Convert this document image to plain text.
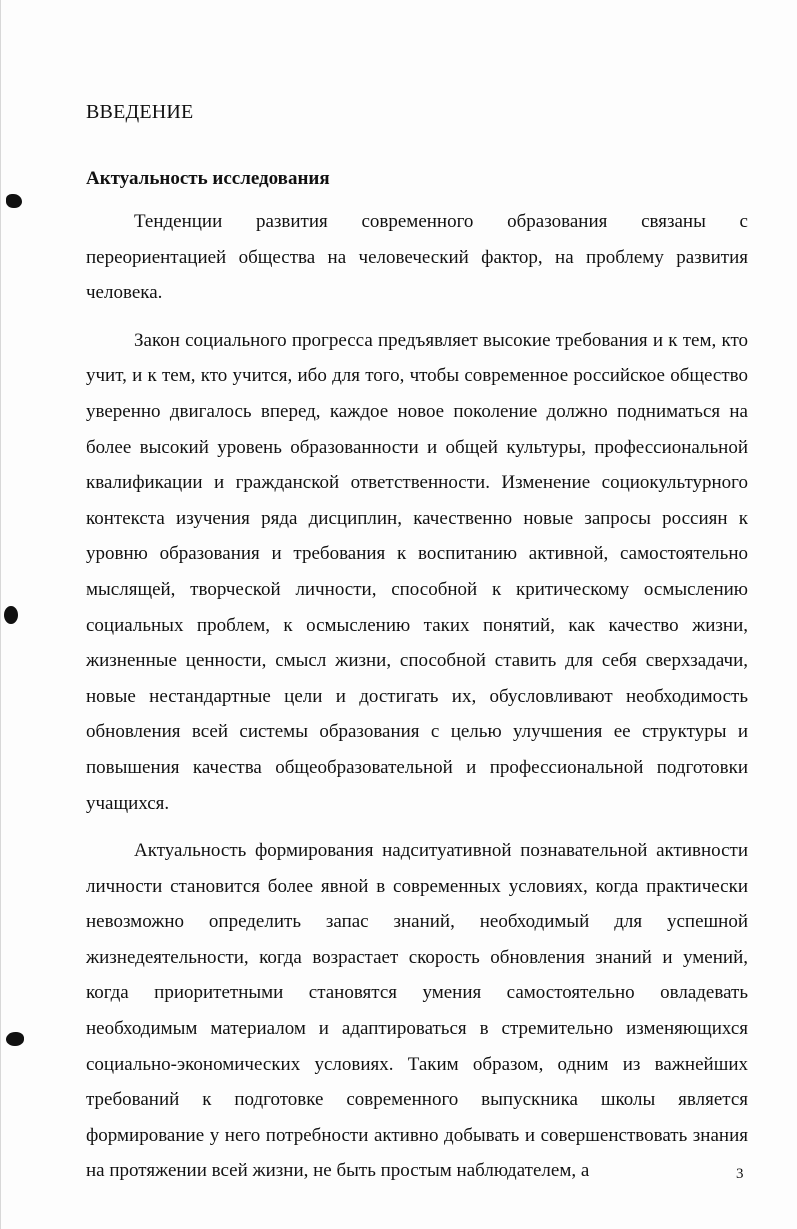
ВВЕДЕНИЕ
Актуальность исследования

Тенденции развития современного образования связаны с переориентацией общества на человеческий фактор, на проблему развития человека.

Закон социального прогресса предъявляет высокие требования и к тем, кто учит, и к тем, кто учится, ибо для того, чтобы современное российское общество уверенно двигалось вперед, каждое новое поколение должно подниматься на более высокий уровень образованности и общей культуры, профессиональной квалификации и гражданской ответственности. Изменение социокультурного контекста изучения ряда дисциплин, качественно новые запросы россиян к уровню образования и требования к воспитанию активной, самостоятельно мыслящей, творческой личности, способной к критическому осмыслению социальных проблем, к осмыслению таких понятий, как качество жизни, жизненные ценности, смысл жизни, способной ставить для себя сверхзадачи, новые нестандартные цели и достигать их, обусловливают необходимость обновления всей системы образования с целью улучшения ее структуры и повышения качества общеобразовательной и профессиональной подготовки учащихся.

Актуальность формирования надситуативной познавательной активности личности становится более явной в современных условиях, когда практически невозможно определить запас знаний, необходимый для успешной жизнедеятельности, когда возрастает скорость обновления знаний и умений, когда приоритетными становятся умения самостоятельно овладевать необходимым материалом и адаптироваться в стремительно изменяющихся социально-экономических условиях. Таким образом, одним из важнейших требований к подготовке современного выпускника школы является формирование у него потребности активно добывать и совершенствовать знания на протяжении всей жизни, не быть простым наблюдателем, а	3
